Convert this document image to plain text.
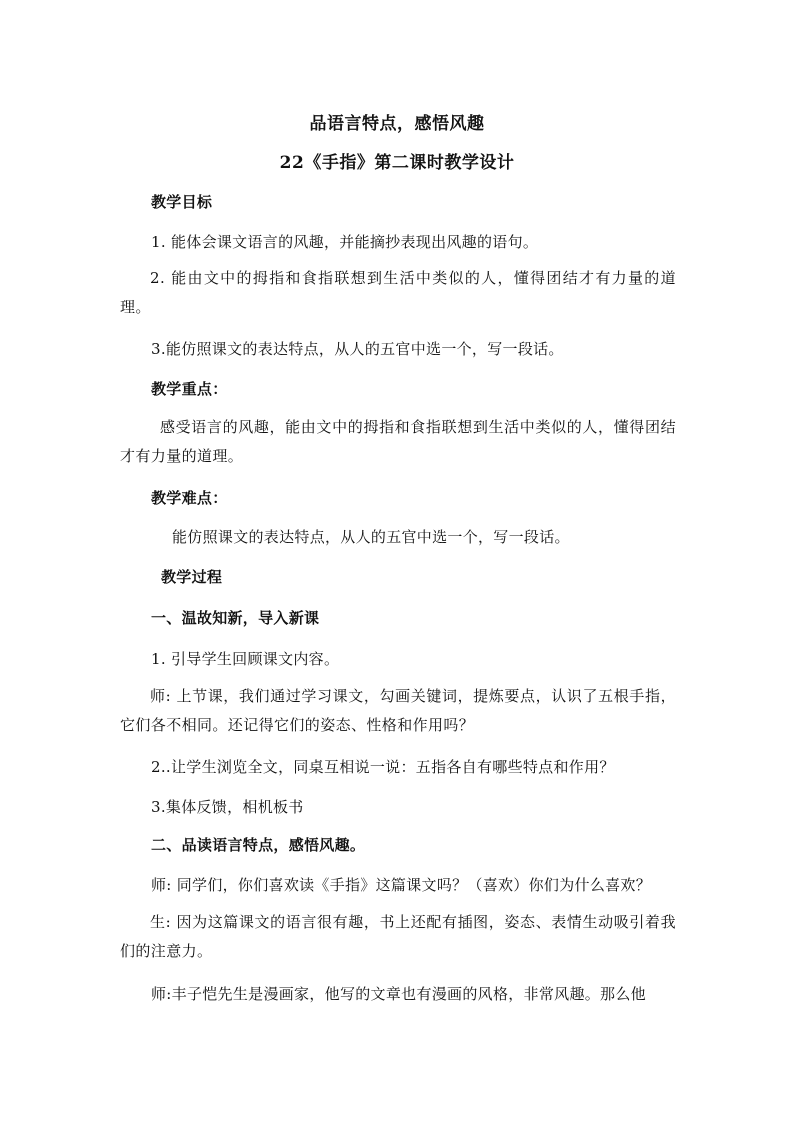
品语言特点，感悟风趣
22《手指》第二课时教学设计
教学目标
1. 能体会课文语言的风趣，并能摘抄表现出风趣的语句。
2. 能由文中的拇指和食指联想到生活中类似的人，懂得团结才有力量的道理。
3.能仿照课文的表达特点，从人的五官中选一个，写一段话。
教学重点：
感受语言的风趣，能由文中的拇指和食指联想到生活中类似的人，懂得团结才有力量的道理。
教学难点：
能仿照课文的表达特点，从人的五官中选一个，写一段话。
教学过程
一、温故知新，导入新课
1. 引导学生回顾课文内容。
师: 上节课，我们通过学习课文，勾画关键词，提炼要点，认识了五根手指，它们各不相同。还记得它们的姿态、性格和作用吗？
2..让学生浏览全文，同桌互相说一说：五指各自有哪些特点和作用？
3.集体反馈，相机板书
二、品读语言特点，感悟风趣。
师: 同学们，你们喜欢读《手指》这篇课文吗？（喜欢）你们为什么喜欢？
生: 因为这篇课文的语言很有趣，书上还配有插图，姿态、表情生动吸引着我们的注意力。
师:丰子恺先生是漫画家，他写的文章也有漫画的风格，非常风趣。那么他
